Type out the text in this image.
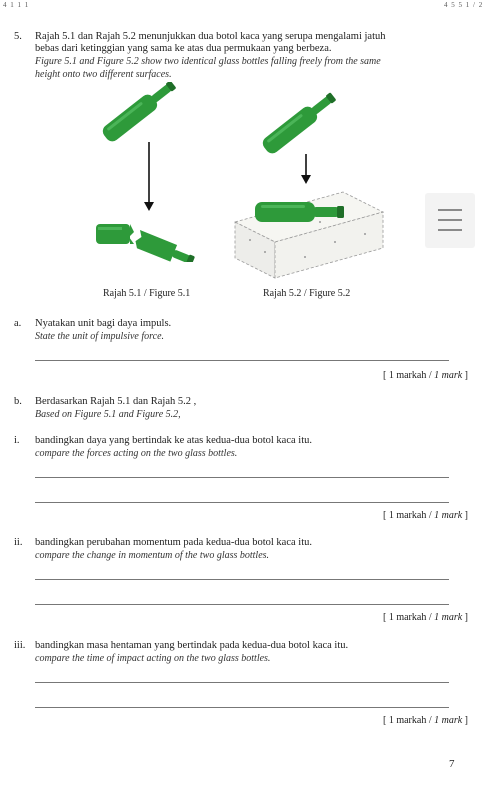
4 1 1 1	4 5 5 1 / 2
5. Rajah 5.1 dan Rajah 5.2 menunjukkan dua botol kaca yang serupa mengalami jatuh
bebas dari ketinggian yang sama ke atas dua permukaan yang berbeza.
Figure 5.1 and Figure 5.2 show two identical glass bottles falling freely from the same
height onto two different surfaces.
Rajah 5.1 / Figure 5.1	Rajah 5.2 / Figure 5.2
a. Nyatakan unit bagi daya impuls.
State the unit of impulsive force.
[ 1 markah / 1 mark ]
b. Berdasarkan Rajah 5.1 dan Rajah 5.2 ,
Based on Figure 5.1 and Figure 5.2,
i. bandingkan daya yang bertindak ke atas kedua-dua botol kaca itu.
compare the forces acting on the two glass bottles.
[ 1 markah / 1 mark ]
ii. bandingkan perubahan momentum pada kedua-dua botol kaca itu.
compare the change in momentum of the two glass bottles.
[ 1 markah / 1 mark ]
iii. bandingkan masa hentaman yang bertindak pada kedua-dua botol kaca itu.
compare the time of impact acting on the two glass bottles.
[ 1 markah / 1 mark ]
7
